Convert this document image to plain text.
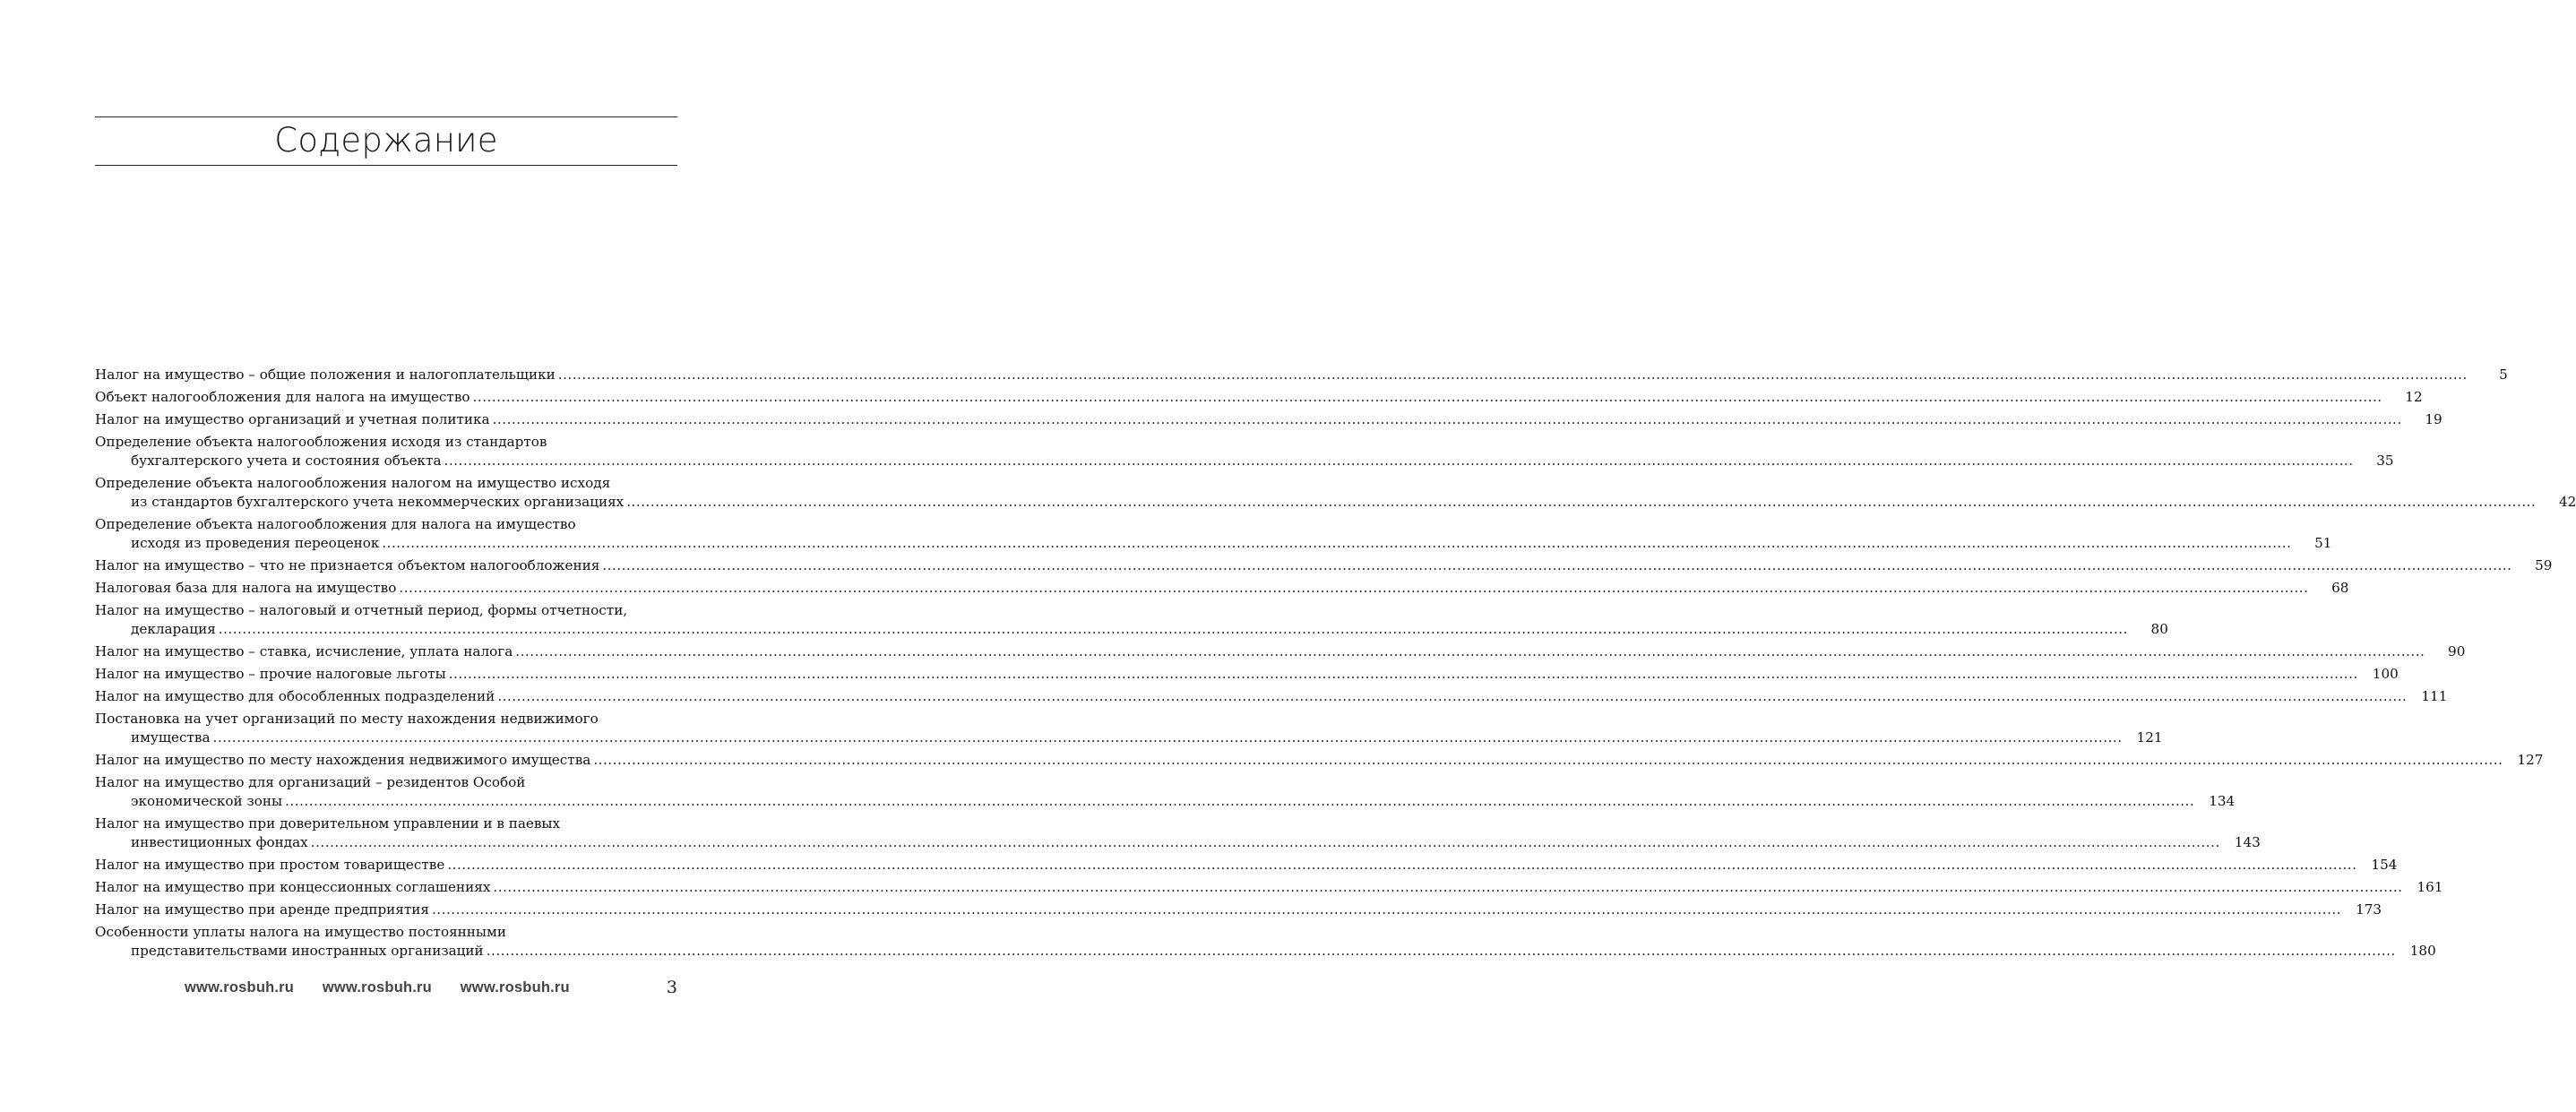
Содержание
Налог на имущество – общие положения и налогоплательщики ................................................................................................................................................................................................................................................................................................................................................................................................................	5
Объект налогообложения для налога на имущество ................................................................................................................................................................................................................................................................................................................................................................................................................	12
Налог на имущество организаций и учетная политика ................................................................................................................................................................................................................................................................................................................................................................................................................	19
Определение объекта налогообложения исходя из стандартов
бухгалтерского учета и состояния объекта ................................................................................................................................................................................................................................................................................................................................................................................................................	35
Определение объекта налогообложения налогом на имущество исходя
из стандартов бухгалтерского учета некоммерческих организациях ................................................................................................................................................................................................................................................................................................................................................................................................................	42
Определение объекта налогообложения для налога на имущество
исходя из проведения переоценок ................................................................................................................................................................................................................................................................................................................................................................................................................	51
Налог на имущество – что не признается объектом налогообложения ................................................................................................................................................................................................................................................................................................................................................................................................................	59
Налоговая база для налога на имущество ................................................................................................................................................................................................................................................................................................................................................................................................................	68
Налог на имущество – налоговый и отчетный период, формы отчетности,
декларация ................................................................................................................................................................................................................................................................................................................................................................................................................	80
Налог на имущество – ставка, исчисление, уплата налога ................................................................................................................................................................................................................................................................................................................................................................................................................	90
Налог на имущество – прочие налоговые льготы ................................................................................................................................................................................................................................................................................................................................................................................................................	100
Налог на имущество для обособленных подразделений ................................................................................................................................................................................................................................................................................................................................................................................................................	111
Постановка на учет организаций по месту нахождения недвижимого
имущества ................................................................................................................................................................................................................................................................................................................................................................................................................	121
Налог на имущество по месту нахождения недвижимого имущества ................................................................................................................................................................................................................................................................................................................................................................................................................	127
Налог на имущество для организаций – резидентов Особой
экономической зоны ................................................................................................................................................................................................................................................................................................................................................................................................................	134
Налог на имущество при доверительном управлении и в паевых
инвестиционных фондах ................................................................................................................................................................................................................................................................................................................................................................................................................	143
Налог на имущество при простом товариществе ................................................................................................................................................................................................................................................................................................................................................................................................................	154
Налог на имущество при концессионных соглашениях ................................................................................................................................................................................................................................................................................................................................................................................................................	161
Налог на имущество при аренде предприятия ................................................................................................................................................................................................................................................................................................................................................................................................................	173
Особенности уплаты налога на имущество постоянными
представительствами иностранных организаций ................................................................................................................................................................................................................................................................................................................................................................................................................	180
www.rosbuh.ru www.rosbuh.ru www.rosbuh.ru	3
